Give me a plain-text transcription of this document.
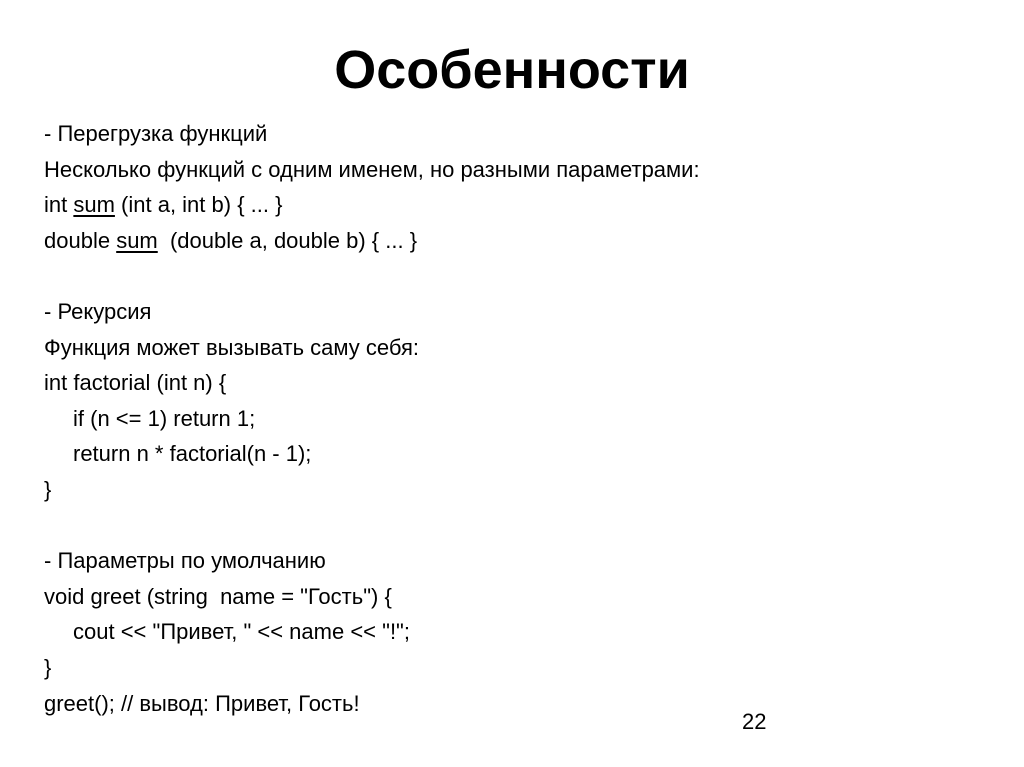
Особенности
- Перегрузка функций
Несколько функций с одним именем, но разными параметрами:
int sum (int a, int b) { ... }
double sum  (double a, double b) { ... }
- Рекурсия
Функция может вызывать саму себя:
int factorial (int n) {
if (n <= 1) return 1;
return n * factorial(n - 1);
}
- Параметры по умолчанию
void greet (string  name = "Гость") {
cout << "Привет, " << name << "!";
}
greet(); // вывод: Привет, Гость!
22
